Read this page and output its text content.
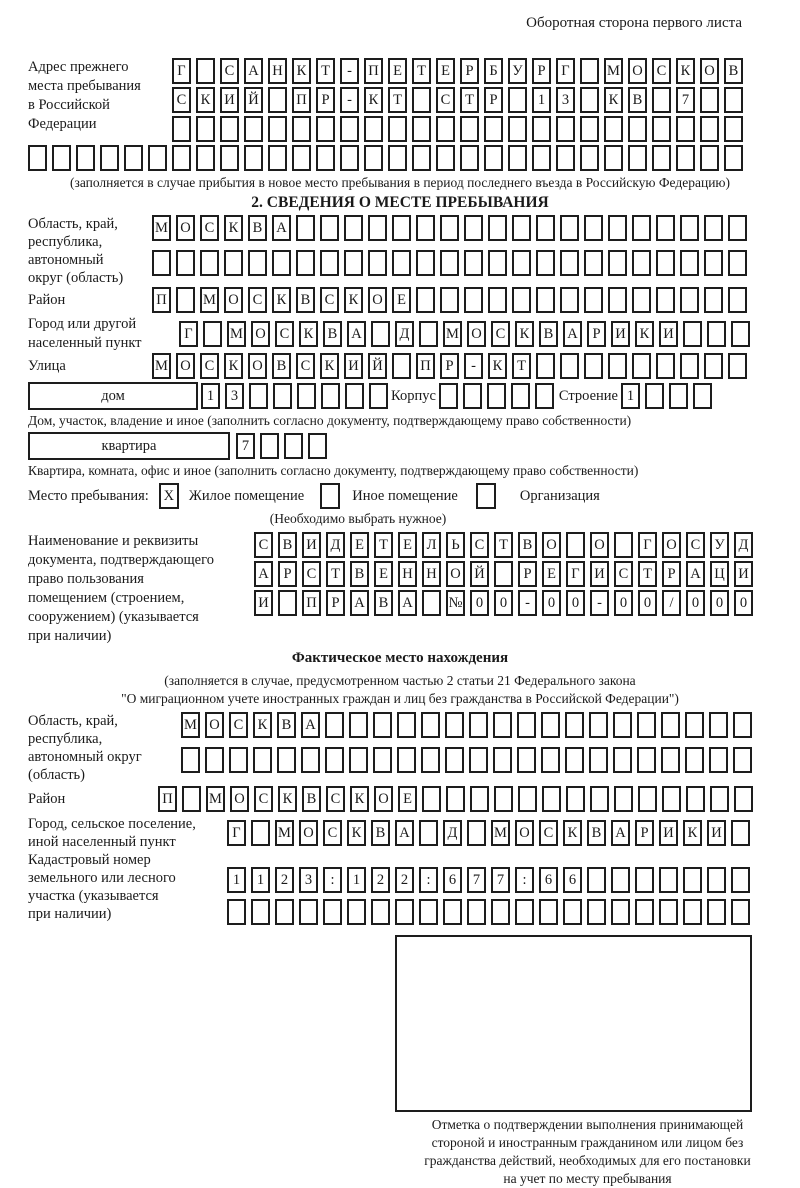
Оборотная сторона первого листа
Адрес прежнего
места пребывания
в Российской
Федерации
Г	С А Н К	Т	-	П Е	Т	Е	Р	Б	У	Р	Г	М О С К О В
С К И Й	П	Р	-	К	Т	С	Т	Р	1	3	К В	7
(заполняется в случае прибытия в новое место пребывания в период последнего въезда в Российскую Федерацию)
2. СВЕДЕНИЯ О МЕСТЕ ПРЕБЫВАНИЯ
Область, край,
республика,
автономный
округ (область)
М О С К В А
Район	П	М О С К В С К О Е
Город или другой
населенный пункт
Г	М О С К В А	Д	М О С К В А	Р	И К И
Улица	М О С К О В С К И Й	П	Р	-	К	Т
дом	1	3	Корпус	Строение 1
Дом, участок, владение и иное (заполнить согласно документу, подтверждающему право собственности)
квартира	7
Квартира, комната, офис и иное (заполнить согласно документу, подтверждающему право собственности)
Место пребывания:	X	Жилое помещение	Иное помещение	Организация
(Необходимо выбрать нужное)
Наименование и реквизиты
документа, подтверждающего
право пользования
помещением (строением,
сооружением) (указывается
при наличии)
С В И Д	Е	Т	Е	Л	Ь	С	Т	В О	О	Г	О С У Д
А	Р	С	Т	В	Е Н Н О Й	Р	Е	Г	И С	Т	Р	А Ц И
И	П	Р	А В А № 0	0	-	0	0	-	0	0	/	0	0	0
Фактическое место нахождения
(заполняется в случае, предусмотренном частью 2 статьи 21 Федерального закона
"О миграционном учете иностранных граждан и лиц без гражданства в Российской Федерации")
Область, край,
республика,
автономный округ
(область)
М О С К В А
Район	П	М О С К В С К О Е
Город, сельское поселение,
иной населенный пункт
Г	М О С К В А	Д	М О С К В А	Р	И К И
Кадастровый номер
земельного или лесного
участка (указывается
при наличии)
1	1	2	3	:	1	2	2	:	6	7	7	:	6	6
Отметка о подтверждении выполнения принимающей
стороной и иностранным гражданином или лицом без
гражданства действий, необходимых для его постановки
на учет по месту пребывания
